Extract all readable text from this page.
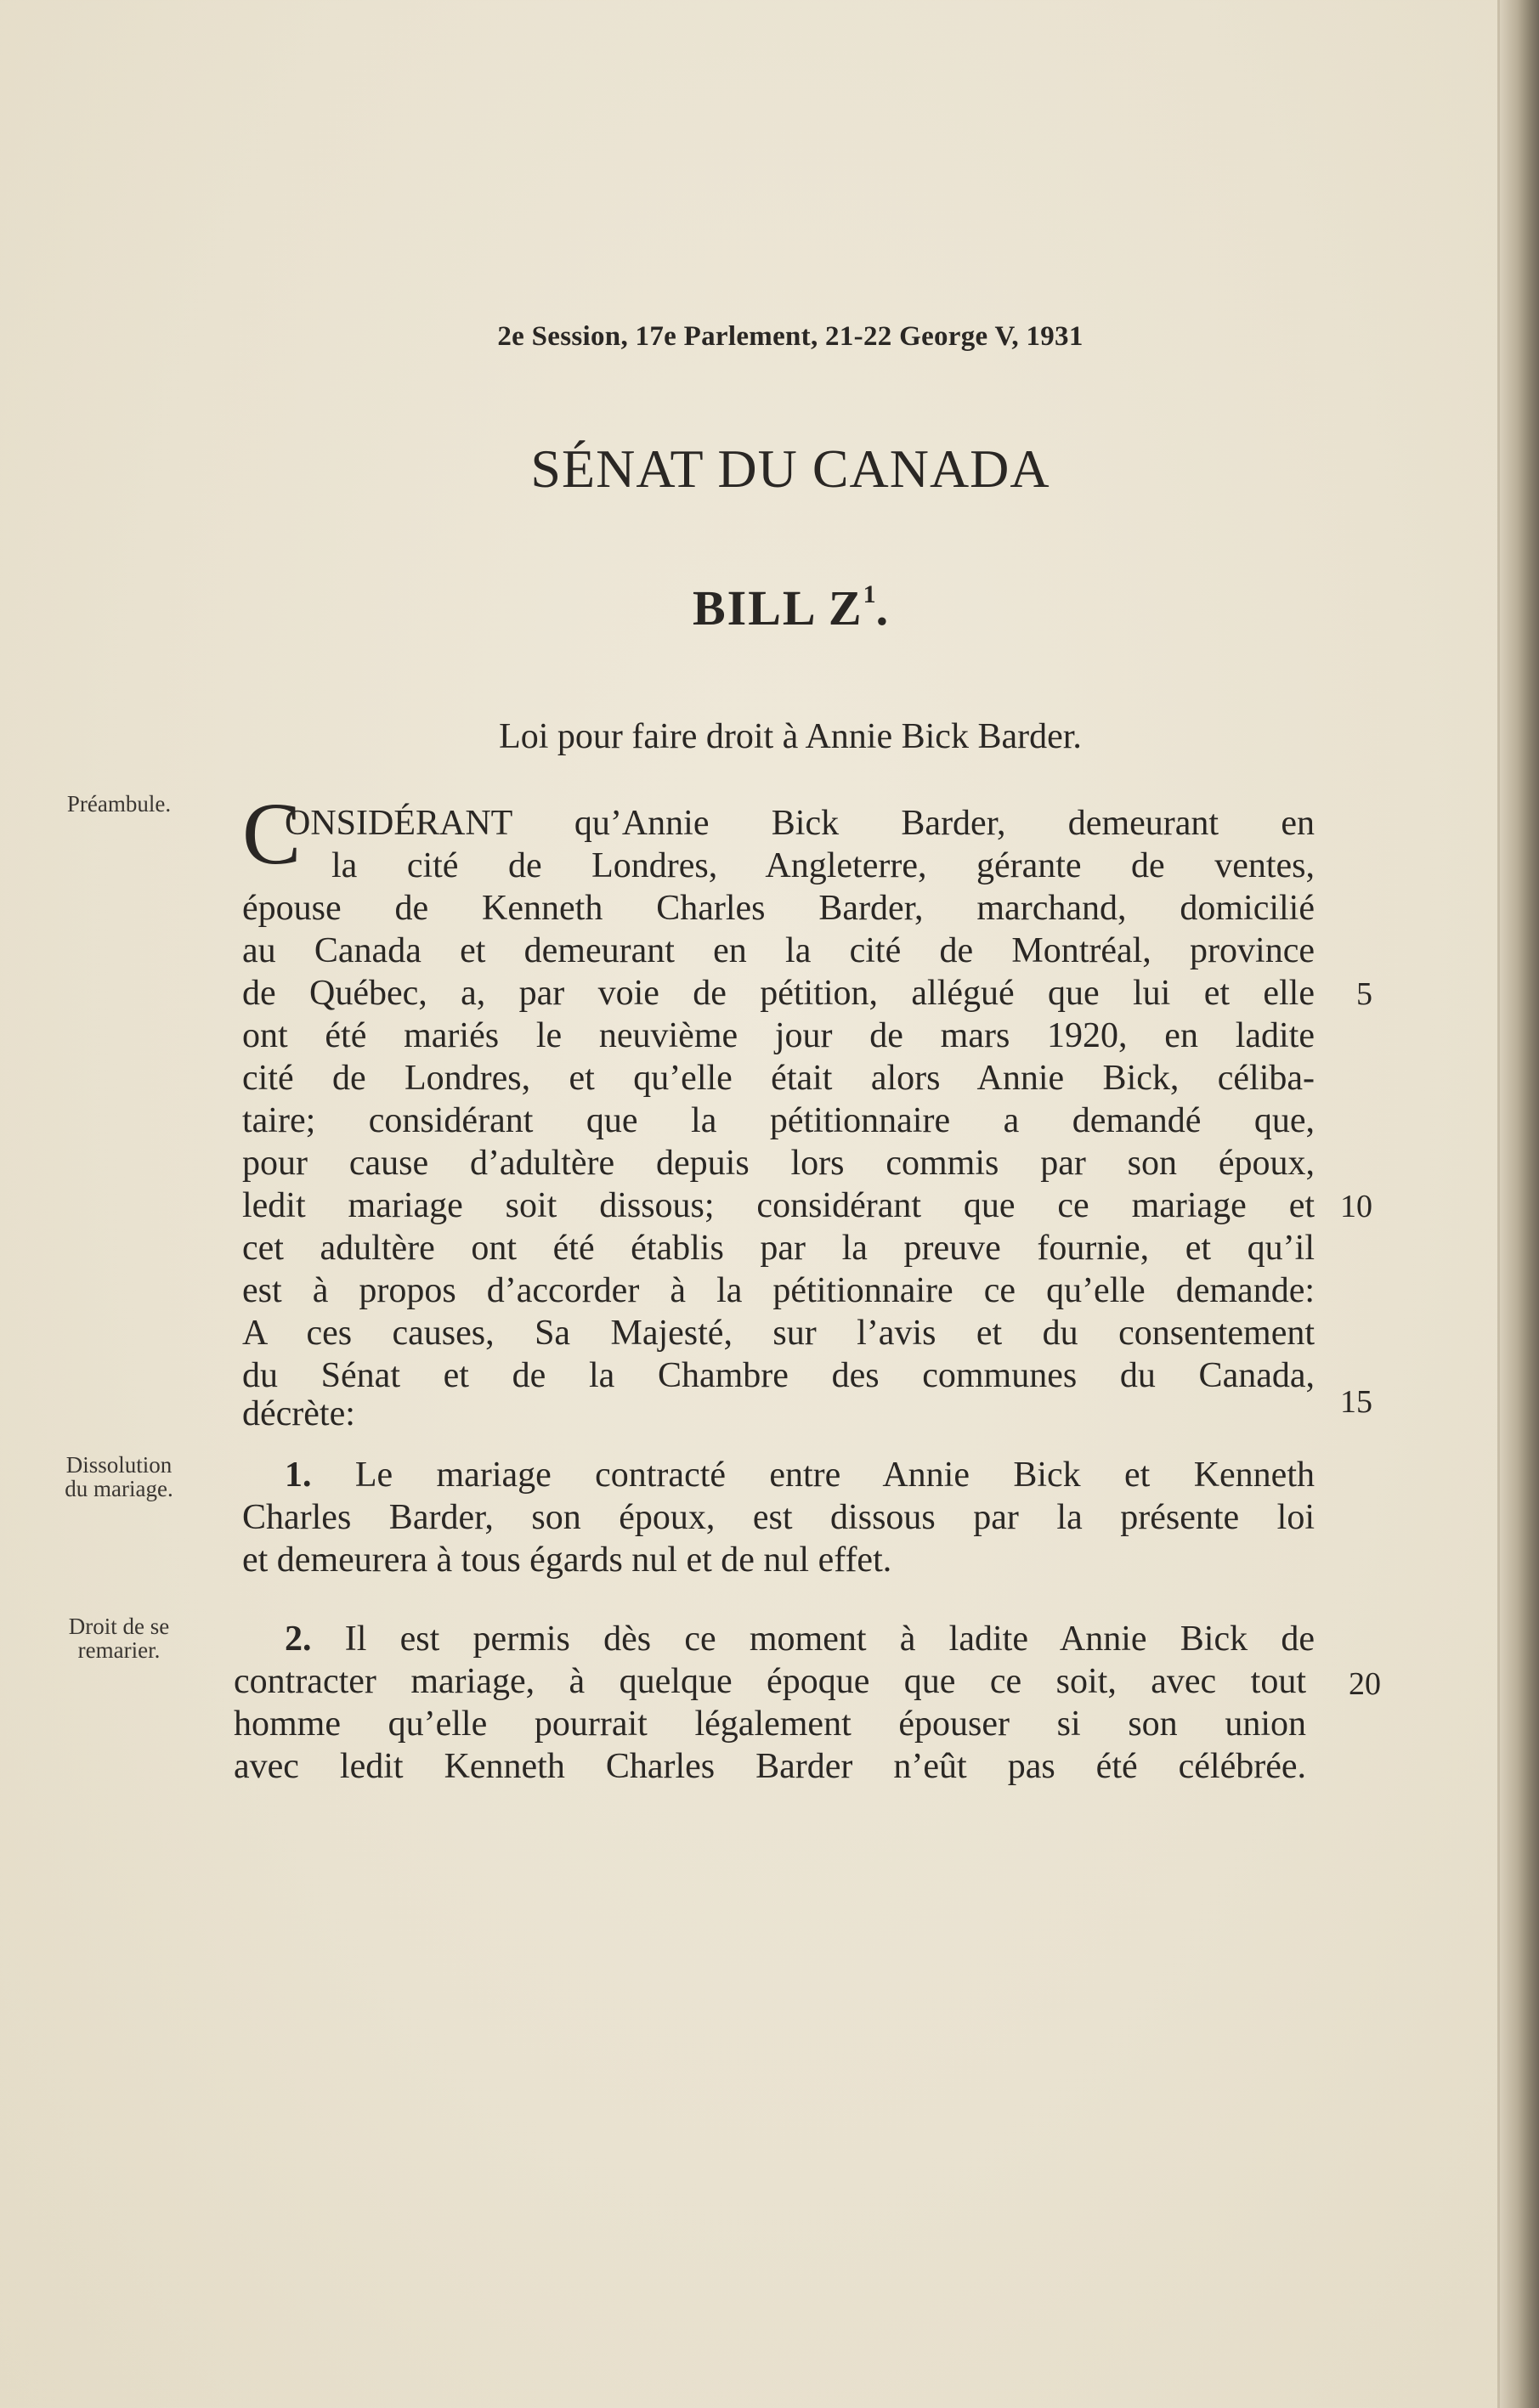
2e Session, 17e Parlement, 21-22 George V, 1931
SÉNAT DU CANADA
BILL $Z^1$.
Loi pour faire droit à Annie Bick Barder.
Préambule.
Dissolution
du mariage.
Droit de se
remarier.
C
ONSIDÉRANT qu’Annie Bick Barder, demeurant en
la cité de Londres, Angleterre, gérante de ventes,
épouse de Kenneth Charles Barder, marchand, domicilié
au Canada et demeurant en la cité de Montréal, province
de Québec, a, par voie de pétition, allégué que lui et elle
ont été mariés le neuvième jour de mars 1920, en ladite
cité de Londres, et qu’elle était alors Annie Bick, céliba-
taire; considérant que la pétitionnaire a demandé que,
pour cause d’adultère depuis lors commis par son époux,
ledit mariage soit dissous; considérant que ce mariage et
cet adultère ont été établis par la preuve fournie, et qu’il
est à propos d’accorder à la pétitionnaire ce qu’elle demande:
A ces causes, Sa Majesté, sur l’avis et du consentement
du Sénat et de la Chambre des communes du Canada,
décrète:
1. Le mariage contracté entre Annie Bick et Kenneth
Charles Barder, son époux, est dissous par la présente loi
et demeurera à tous égards nul et de nul effet.
2. Il est permis dès ce moment à ladite Annie Bick de
contracter mariage, à quelque époque que ce soit, avec tout
homme qu’elle pourrait légalement épouser si son union
avec ledit Kenneth Charles Barder n’eût pas été célébrée.
5
10
15
20
